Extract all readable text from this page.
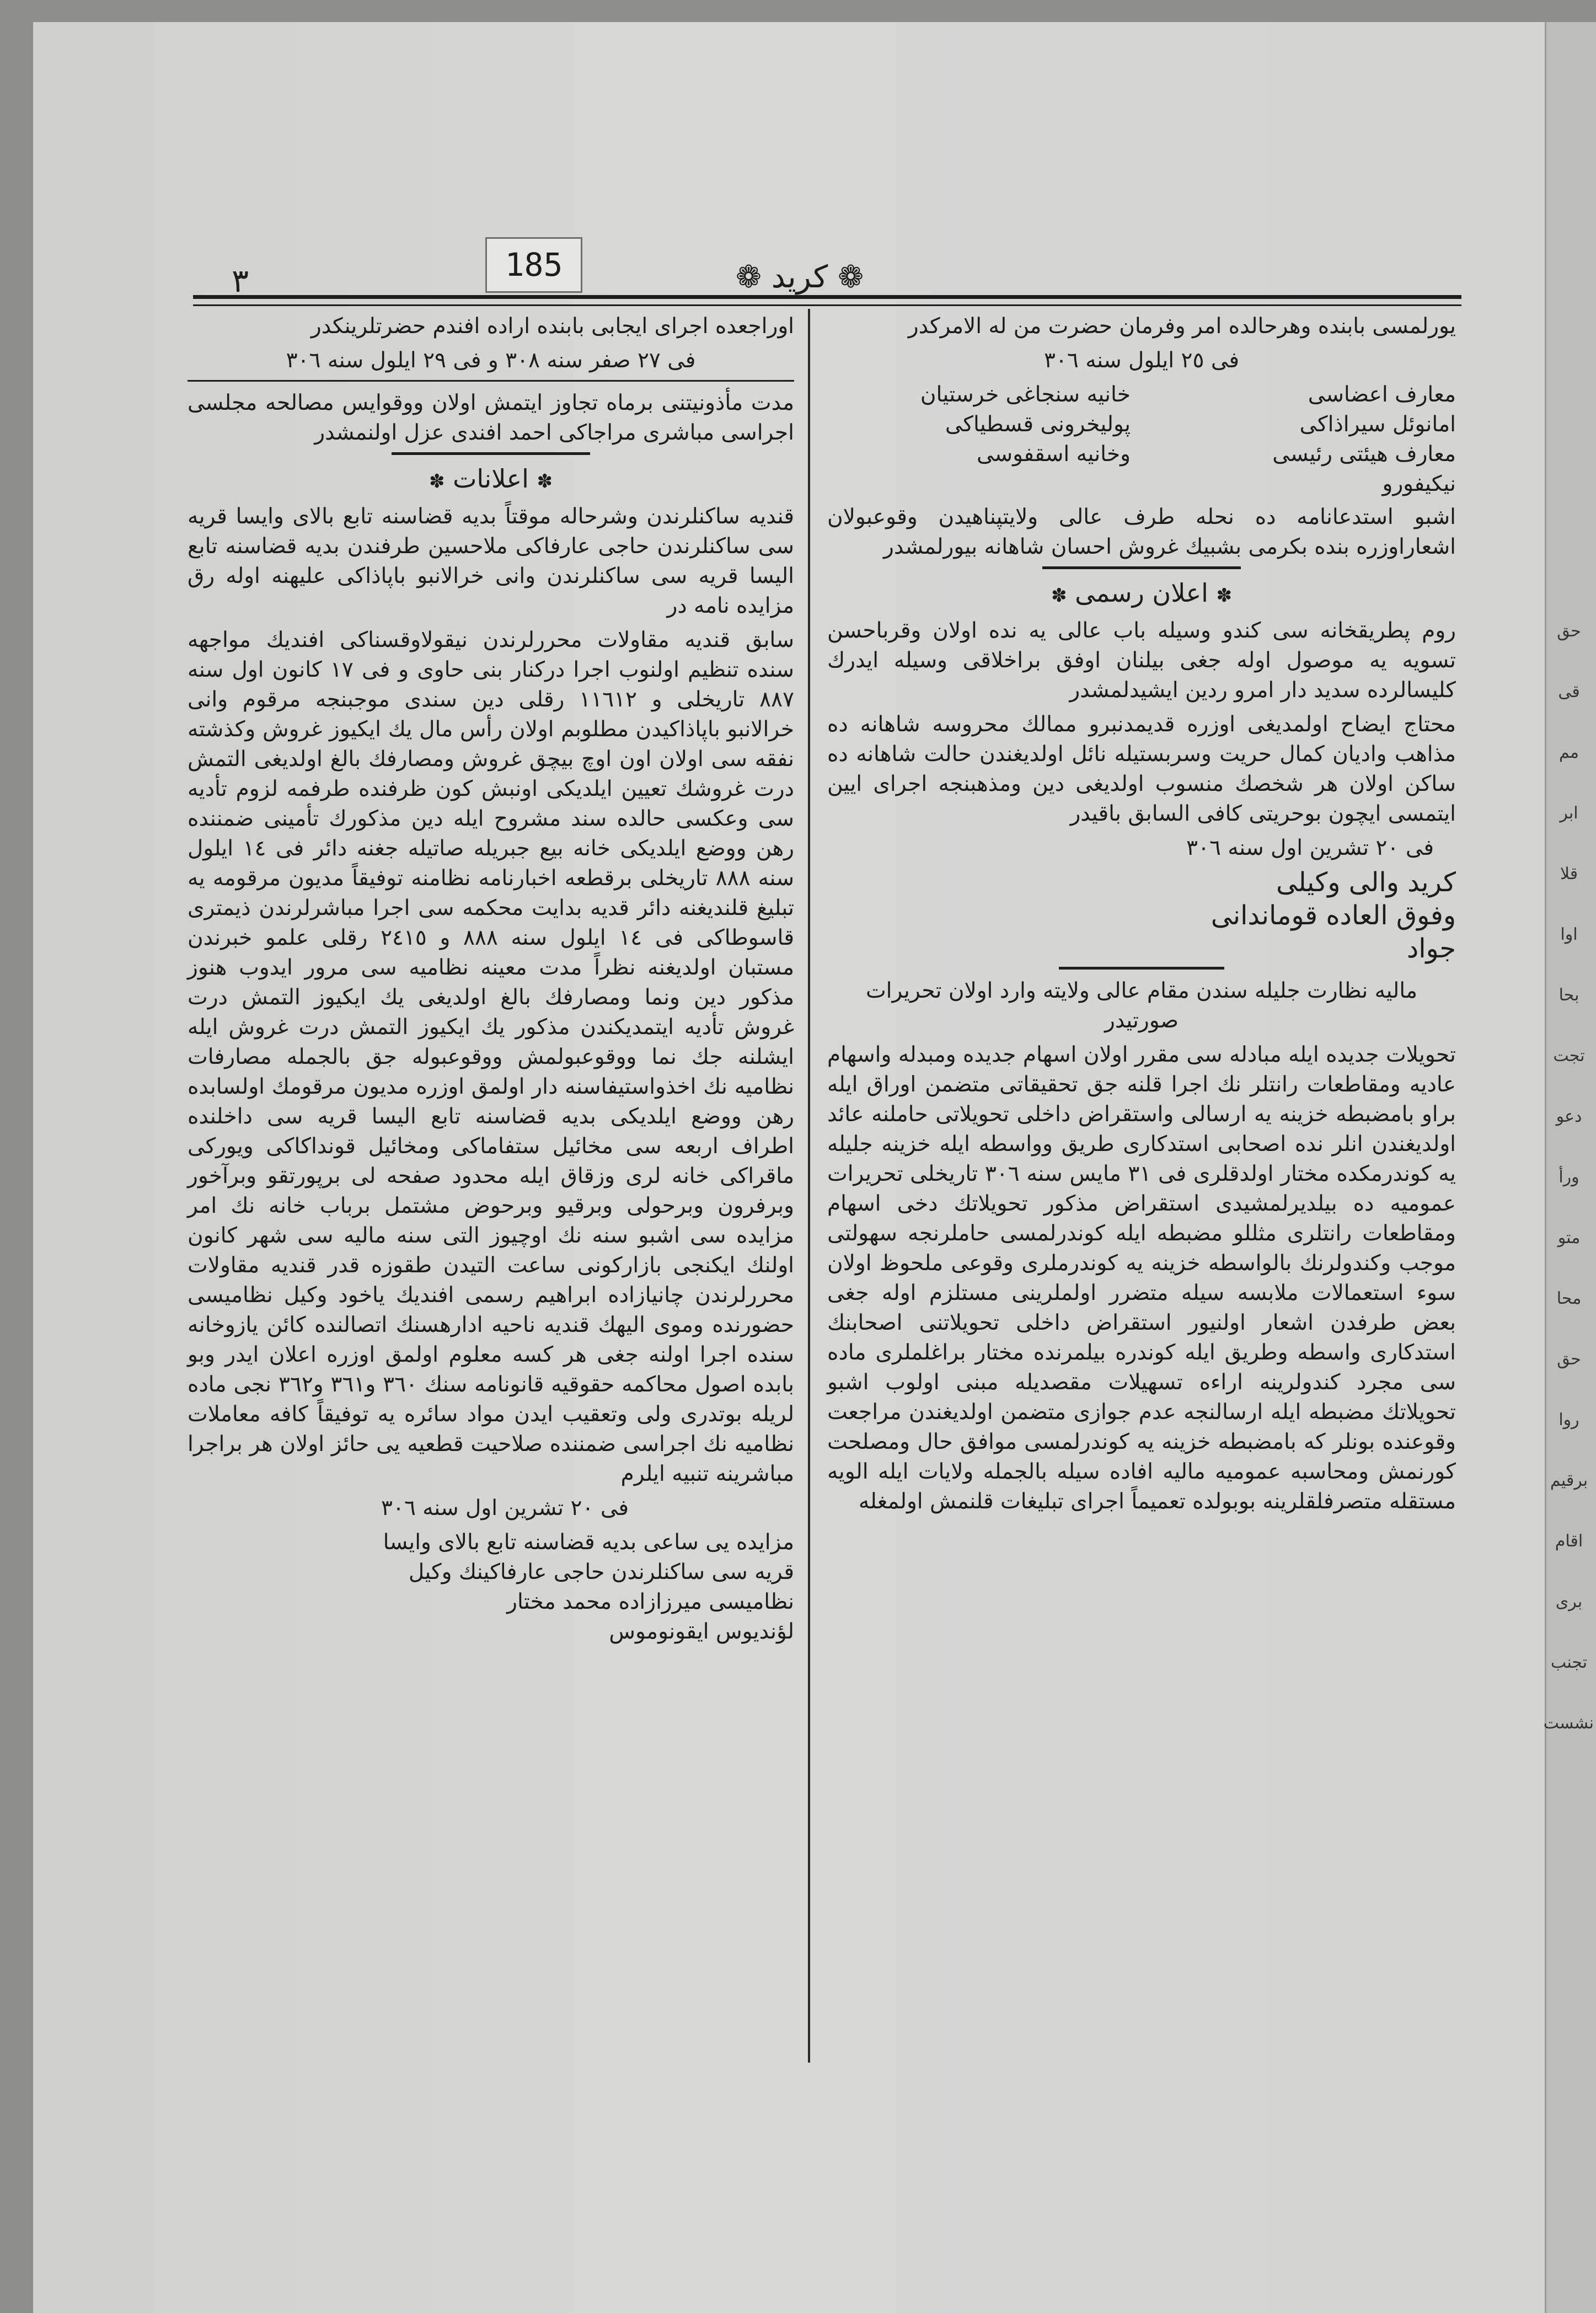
185
٣	❁ كريد ❁

يورلمسى بابنده وهرحالده امر وفرمان حضرت من له الامركدر

فى ٢٥ ايلول سنه ٣٠٦

معارف اعضاسى
خانيه سنجاغى خرستيان
امانوئل سيراذاكى
پوليخرونى قسطياكى
معارف هيئتى رئيسى
وخانيه اسقفوسى
نيكيفورو

اشبو استدعانامه ده نحله طرف عالى ولايتپناهيدن وقوعبولان اشعاراوزره بنده بكرمى بشبيك غروش احسان شاهانه بيورلمشدر

✽ اعلان رسمى ✽

روم پطريقخانه سى كندو وسيله باب عالى يه نده اولان وقرباحسن تسويه يه موصول اوله جغى بيلنان اوفق براخلاقى وسيله ايدرك كليسالرده سديد دار امرو ردين ايشيدلمشدر

محتاج ايضاح اولمديغى اوزره قديمدنبرو ممالك محروسه شاهانه ده مذاهب واديان كمال حريت وسربستيله نائل اولديغندن حالت شاهانه ده ساكن اولان هر شخصك منسوب اولديغى دين ومذهبنجه اجراى ايين ايتمسى ايچون بوحريتى كافى السابق باقيدر

فى ٢٠ تشرين اول سنه ٣٠٦

كريد والى وكيلى
وفوق العاده قوماندانى
جواد

ماليه نظارت جليله سندن مقام عالى ولايته وارد اولان تحريرات صورتيدر

تحويلات جديده ايله مبادله سى مقرر اولان اسهام جديده ومبدله واسهام عاديه ومقاطعات رانتلر نك اجرا قلنه جق تحقيقاتى متضمن اوراق ايله براو بامضبطه خزينه يه ارسالى واستقراض داخلى تحويلاتى حاملنه عائد اولديغندن انلر نده اصحابى استدكارى طريق وواسطه ايله خزينه جليله يه كوندرمكده مختار اولدقلرى فى ٣١ مايس سنه ٣٠٦ تاريخلى تحريرات عموميه ده بيلديرلمشيدى استقراض مذكور تحويلاتك دخى اسهام ومقاطعات رانتلرى مثللو مضبطه ايله كوندرلمسى حاملرنجه سهولتى موجب وكندولرنك بالواسطه خزينه يه كوندرملرى وقوعى ملحوظ اولان سوء استعمالات ملابسه سيله متضرر اولملرينى مستلزم اوله جغى بعض طرفدن اشعار اولنيور استقراض داخلى تحويلاتنى اصحابنك استدكارى واسطه وطريق ايله كوندره بيلمرنده مختار براغلملرى ماده سى مجرد كندولرينه اراءه تسهيلات مقصديله مبنى اولوب اشبو تحويلاتك مضبطه ايله ارسالنجه عدم جوازى متضمن اولديغندن مراجعت وقوعنده بونلر كه بامضبطه خزينه يه كوندرلمسى موافق حال ومصلحت كورنمش ومحاسبه عموميه ماليه افاده سيله بالجمله ولايات ايله الويه مستقله متصرفلقلرينه بوبولده تعميماً اجراى تبليغات قلنمش اولمغله

اوراجعده اجراى ايجابى بابنده اراده افندم حضرتلرينكدر

فى ٢٧ صفر سنه ٣٠٨ و فى ٢٩ ايلول سنه ٣٠٦

مدت مأذونيتنى برماه تجاوز ايتمش اولان ووقوايس مصالحه مجلسى اجراسى مباشرى مراجاكى احمد افندى عزل اولنمشدر

✽ اعلانات ✽

قنديه ساكنلرندن وشرحاله موقتاً بديه قضاسنه تابع بالاى وايسا قريه سى ساكنلرندن حاجى عارفاكى ملاحسين طرفندن بديه قضاسنه تابع اليسا قريه سى ساكنلرندن وانى خرالانبو باپاذاكى عليهنه اوله رق مزايده نامه در

سابق قنديه مقاولات محررلرندن نيقولاوقسناكى افنديك مواجهه سنده تنظيم اولنوب اجرا دركنار بنى حاوى و فى ١٧ كانون اول سنه ٨٨٧ تاريخلى و ١١٦١٢ رقلى دين سندى موجبنجه مرقوم وانى خرالانبو باپاذاكيدن مطلوبم اولان رأس مال يك ايكيوز غروش وكذشته نفقه سى اولان اون اوچ بيچق غروش ومصارفك بالغ اولديغى التمش درت غروشك تعيين ايلديكى اونبش كون ظرفنده طرفمه لزوم تأديه سى وعكسى حالده سند مشروح ايله دين مذكورك تأمينى ضمننده رهن ووضع ايلديكى خانه بيع جبريله صاتيله جغنه دائر فى ١٤ ايلول سنه ٨٨٨ تاريخلى برقطعه اخبارنامه نظامنه توفيقاً مديون مرقومه يه تبليغ قلنديغنه دائر قديه بدايت محكمه سى اجرا مباشرلرندن ذيمترى قاسوطاكى فى ١٤ ايلول سنه ٨٨٨ و ٢٤١٥ رقلى علمو خبرندن مستبان اولديغنه نظراً مدت معينه نظاميه سى مرور ايدوب هنوز مذكور دين ونما ومصارفك بالغ اولديغى يك ايكيوز التمش درت غروش تأديه ايتمديكندن مذكور يك ايكيوز التمش درت غروش ايله ايشلنه جك نما ووقوعبولمش ووقوعبوله جق بالجمله مصارفات نظاميه نك اخذواستيفاسنه دار اولمق اوزره مديون مرقومك اولسابده رهن ووضع ايلديكى بديه قضاسنه تابع اليسا قريه سى داخلنده اطراف اربعه سى مخائيل ستفاماكى ومخائيل قونداكاكى ويوركى ماقراكى خانه لرى وزقاق ايله محدود صفحه لى برپورتقو وبرآخور وبرفرون وبرحولى وبرقيو وبرحوض مشتمل برباب خانه نك امر مزايده سى اشبو سنه نك اوچيوز التى سنه ماليه سى شهر كانون اولنك ايكنجى بازاركونى ساعت التيدن طقوزه قدر قنديه مقاولات محررلرندن چانيازاده ابراهيم رسمى افنديك ياخود وكيل نظاميسى حضورنده وموى اليهك قنديه ناحيه ادارهسنك اتصالنده كائن يازوخانه سنده اجرا اولنه جغى هر كسه معلوم اولمق اوزره اعلان ايدر وبو بابده اصول محاكمه حقوقيه قانونامه سنك ٣٦٠ و٣٦١ و٣٦٢ نجى ماده لريله بوتدرى ولى وتعقيب ايدن مواد سائره يه توفيقاً كافه معاملات نظاميه نك اجراسى ضمننده صلاحيت قطعيه يى حائز اولان هر براجرا مباشرينه تنبيه ايلرم

فى ٢٠ تشرين اول سنه ٣٠٦

مزايده يى ساعى بديه قضاسنه تابع بالاى وايسا

قريه سى ساكنلرندن حاجى عارفاكينك وكيل

نظاميسى ميرزازاده محمد مختار

لؤنديوس ايقونوموس

حق
قى
مم
ابر
قلا
اوا
بحا
تجت
دعو
ورأ
متو
محا
حق
روا
برقيم
اقام
برى
تجنب
نشست
